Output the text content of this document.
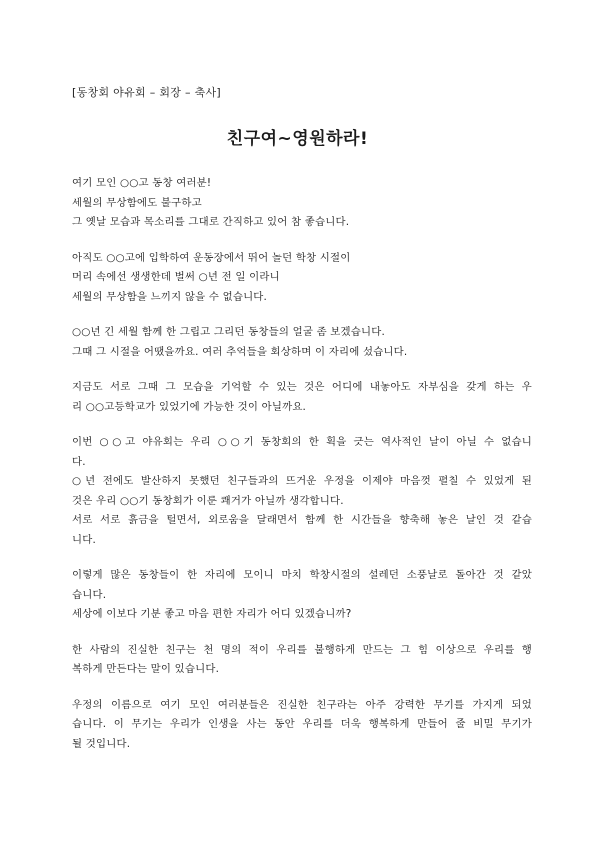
[동창회 야유회 – 회장 – 축사]
친구여~영원하라!
여기 모인 ○○고 동창 여러분!
세월의 무상함에도 불구하고
그 옛날 모습과 목소리를 그대로 간직하고 있어 참 좋습니다.
아직도 ○○고에 입학하여 운동장에서 뛰어 놀던 학창 시절이
머리 속에선 생생한데 벌써 ○년 전 일 이라니
세월의 무상함을 느끼지 않을 수 없습니다.
○○년 긴 세월 함께 한 그립고 그리던 동창들의 얼굴 좀 보겠습니다.
그때 그 시절을 어땠을까요. 여러 추억들을 회상하며 이 자리에 섰습니다.
지금도 서로 그때 그 모습을 기억할 수 있는 것은 어디에 내놓아도 자부심을 갖게 하는 우
리 ○○고등학교가 있었기에 가능한 것이 아닐까요.
이번 ○○고 야유회는 우리 ○○기 동창회의 한 획을 긋는 역사적인 날이 아닐 수 없습니
다.
○년 전에도 발산하지 못했던 친구들과의 뜨거운 우정을 이제야 마음껏 펼칠 수 있었게 된
것은 우리 ○○기 동창회가 이룬 쾌거가 아닐까 생각합니다.
서로 서로 흙금을 털면서, 외로움을 달래면서 함께 한 시간들을 향축해 놓은 날인 것 같습
니다.
이렇게 많은 동창들이 한 자리에 모이니 마치 학창시절의 설레던 소풍날로 돌아간 것 같았
습니다.
세상에 이보다 기분 좋고 마음 편한 자리가 어디 있겠습니까?
한 사람의 진실한 친구는 천 명의 적이 우리를 불행하게 만드는 그 힘 이상으로 우리를 행
복하게 만든다는 말이 있습니다.
우정의 이름으로 여기 모인 여러분들은 진실한 친구라는 아주 강력한 무기를 가지게 되었
습니다. 이 무기는 우리가 인생을 사는 동안 우리를 더욱 행복하게 만들어 줄 비밀 무기가
될 것입니다.
